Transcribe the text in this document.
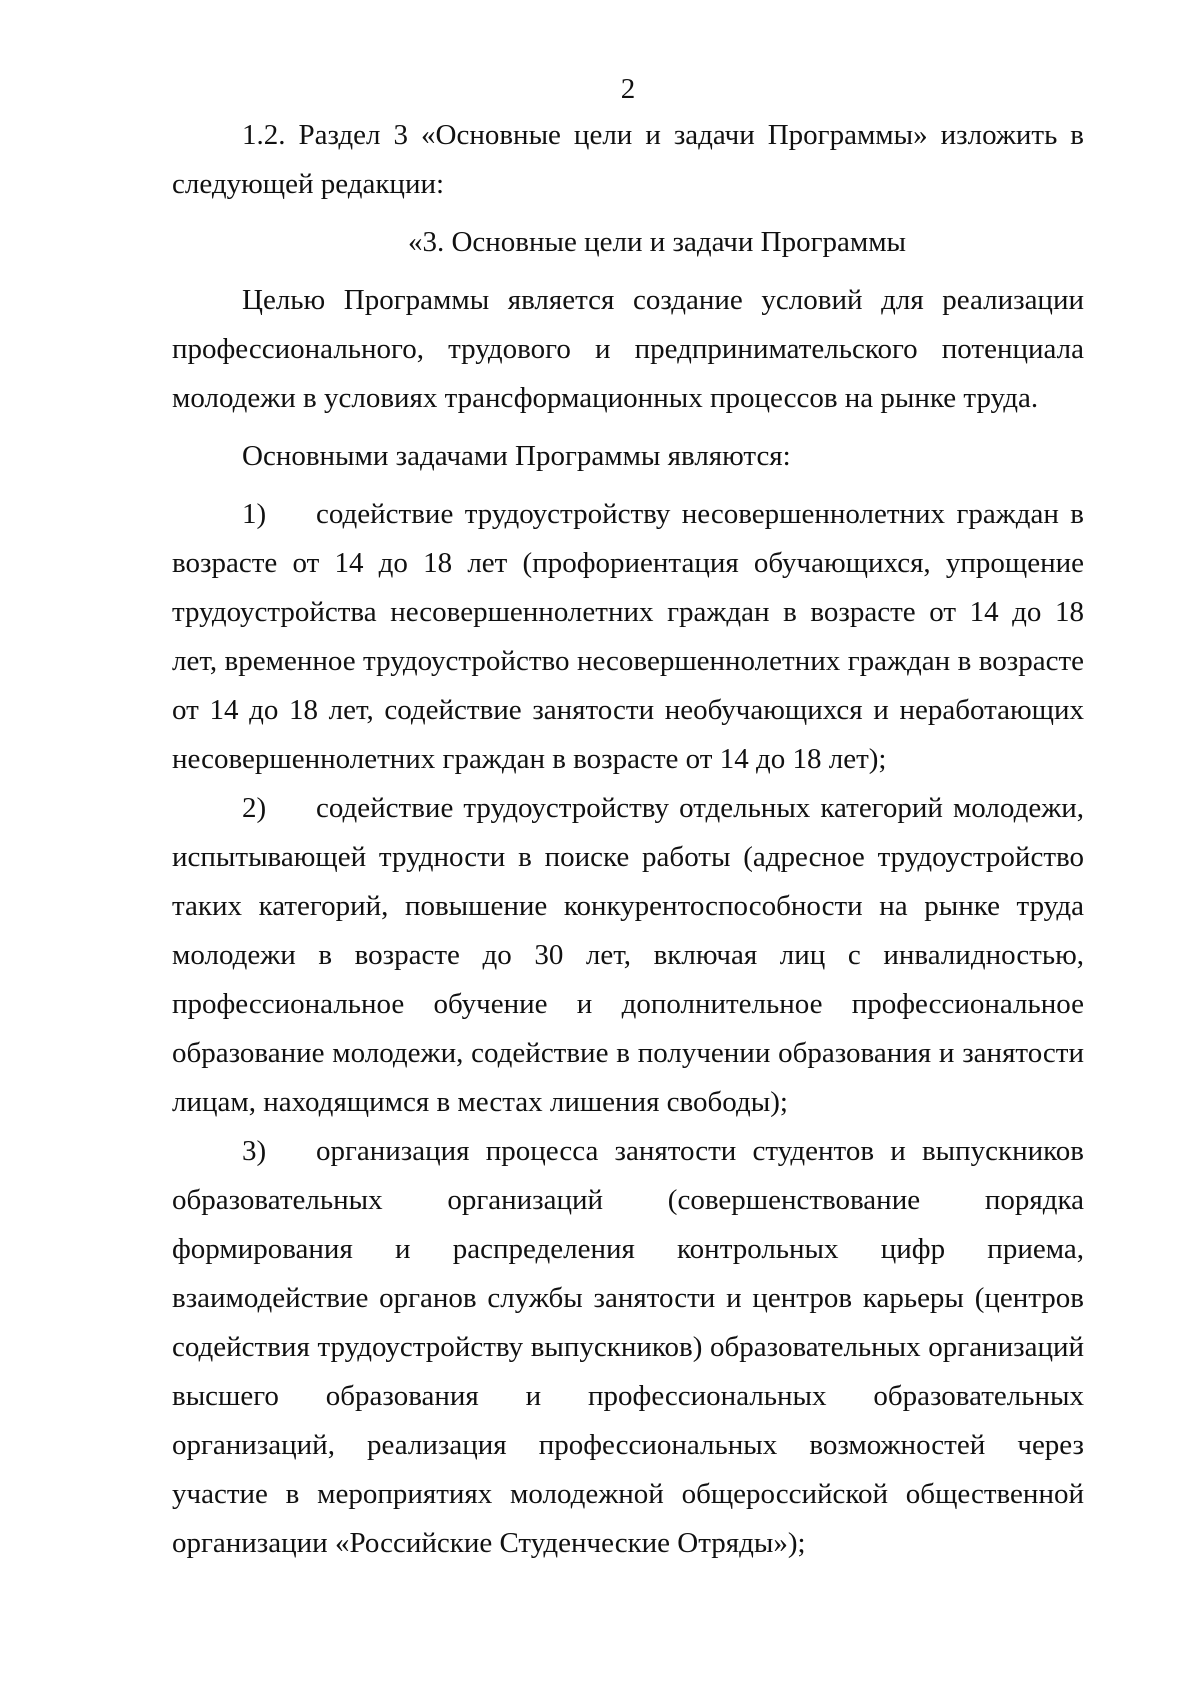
2

1.2. Раздел 3 «Основные цели и задачи Программы» изложить в следующей редакции:

«3. Основные цели и задачи Программы

Целью Программы является создание условий для реализации профессионального, трудового и предпринимательского потенциала молодежи в условиях трансформационных процессов на рынке труда.

Основными задачами Программы являются:

1) содействие трудоустройству несовершеннолетних граждан в возрасте от 14 до 18 лет (профориентация обучающихся, упрощение трудоустройства несовершеннолетних граждан в возрасте от 14 до 18 лет, временное трудоустройство несовершеннолетних граждан в возрасте от 14 до 18 лет, содействие занятости необучающихся и неработающих несовершеннолетних граждан в возрасте от 14 до 18 лет);

2) содействие трудоустройству отдельных категорий молодежи, испытывающей трудности в поиске работы (адресное трудоустройство таких категорий, повышение конкурентоспособности на рынке труда молодежи в возрасте до 30 лет, включая лиц с инвалидностью, профессиональное обучение и дополнительное профессиональное образование молодежи, содействие в получении образования и занятости лицам, находящимся в местах лишения свободы);

3) организация процесса занятости студентов и выпускников образовательных организаций (совершенствование порядка формирования и распределения контрольных цифр приема, взаимодействие органов службы занятости и центров карьеры (центров содействия трудоустройству выпускников) образовательных организаций высшего образования и профессиональных образовательных организаций, реализация профессиональных возможностей через участие в мероприятиях молодежной общероссийской общественной организации «Российские Студенческие Отряды»);
